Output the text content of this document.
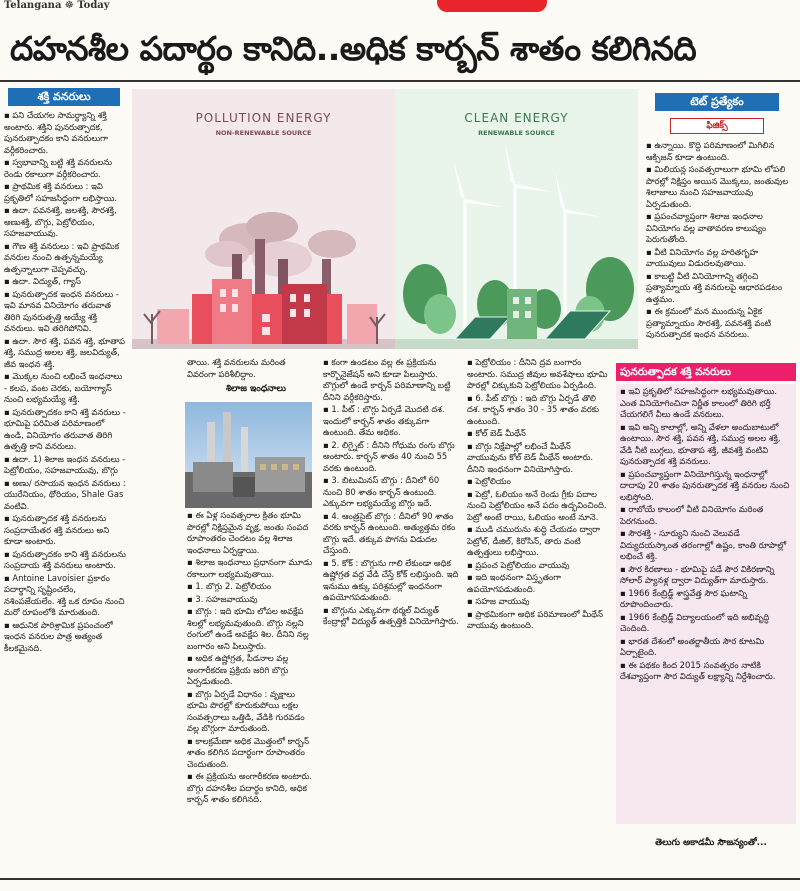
Telangana ☸ Today
దహనశీల పదార్థం కానిది..అధిక కార్బన్ శాతం కలిగినది
శక్తి వనరులు

▪ పని చేయగల సామర్థ్యాన్ని శక్తి అంటారు. శక్తిని పునరుత్పాదక, పునరుత్పాదకం కాని వనరులుగా వర్గీకరించారు.

▪ స్వభావాన్ని బట్టి శక్తి వనరులను రెండు రకాలుగా వర్గీకరించారు.

▪ ప్రాథమిక శక్తి వనరులు : ఇవి ప్రకృతిలో సహజసిద్ధంగా లభిస్తాయి.

▪ ఉదా. పవనశక్తి, జలశక్తి, సౌరశక్తి, అణుశక్తి, బొగ్గు, పెట్రోలియం, సహజవాయువు.

▪ గౌణ శక్తి వనరులు : ఇవి ప్రాథమిక వనరుల నుంచి ఉత్పన్నమయ్యే ఉత్పన్నాలుగా చెప్పవచ్చు.

▪ ఉదా. విద్యుత్, గ్యాస్

▪ పునరుత్పాదక ఇంధన వనరులు - ఇవి మానవ వినియోగం తరువాత తిరిగి పునరుత్పత్తి అయ్యే శక్తి వనరులు. ఇవి తరిగిపోనివి.

▪ ఉదా. సౌర శక్తి, పవన శక్తి, భూతాప శక్తి, సముద్ర అలల శక్తి, జలవిద్యుత్, జీవ ఇంధన శక్తి.

▪ మొక్కల నుంచి లభించే ఇంధనాలు - కలప, వంట చెరకు, బయోగ్యాస్ నుంచి లభ్యమయ్యే శక్తి.

▪ పునరుత్పాదకం కాని శక్తి వనరులు - భూమిపై పరిమిత పరిమాణంలో ఉండి, వినియోగం తరువాత తిరిగి ఉత్పత్తి కాని వనరులు.

▪ ఉదా. 1) శిలాజ ఇంధన వనరులు - పెట్రోలియం, సహజవాయువు, బొగ్గు

▪ అణు/ రసాయన ఇంధన వనరులు : యురేనియం, థోరియం, Shale Gas వంటివి.

▪ పునరుత్పాదక శక్తి వనరులను సంప్రదాయేతర శక్తి వనరులు అని కూడా అంటారు.

▪ పునరుత్పాదకం కాని శక్తి వనరులను సంప్రదాయ శక్తి వనరులు అంటారు.

▪ Antoine Lavoisier ప్రకారం పదార్థాన్ని సృష్టించలేం, నశింపజేయలేం. శక్తి ఒక రూపం నుంచి మరో రూపంలోకి మారుతుంది.

▪ ఆధునిక పారిశ్రామిక ప్రపంచంలో ఇంధన వనరుల పాత్ర అత్యంత కీలకమైనది.

POLLUTION ENERGY
NON-RENEWABLE SOURCE
CLEAN ENERGY
RENEWABLE SOURCE
తాయి. శక్తి వనరులను మరింత వివరంగా పరిశీలిద్దాం.
శిలాజ ఇంధనాలు

▪ ఈ ఏళ్ల సంవత్సరాల క్రితం భూమి పొరల్లో నిక్షిప్తమైన వృక్ష, జంతు సంపద రూపాంతరం చెందటం వల్ల శిలాజ ఇంధనాలు ఏర్పడ్డాయి.

▪ శిలాజ ఇంధనాలు ప్రధానంగా మూడు రకాలుగా లభ్యమవుతాయి.

▪ 1. బొగ్గు 2. పెట్రోలియం

▪ 3. సహజవాయువు

▪ బొగ్గు : ఇది భూమి లోపల అవక్షేప శిలల్లో లభ్యమవుతుంది. బొగ్గు నల్లని రంగులో ఉండే అవక్షేప శిల. దీనిని నల్ల బంగారం అని పిలుస్తారు.

▪ అధిక ఉష్ణోగ్రత, పీడనాల వల్ల అంగారీకరణ ప్రక్రియ జరిగి బొగ్గు ఏర్పడుతుంది.

▪ బొగ్గు ఏర్పడే విధానం : వృక్షాలు భూమి పొరల్లో కూరుకుపోయి లక్షల సంవత్సరాలు ఒత్తిడి, వేడికి గురవడం వల్ల బొగ్గుగా మారుతుంది.

▪ కాలక్రమేణా అధిక మొత్తంలో కార్బన్ శాతం కలిగిన పదార్థంగా రూపాంతరం చెందుతుంది.

▪ ఈ ప్రక్రియను అంగారీకరణ అంటారు. బొగ్గు దహనశీల పదార్థం కానిది, అధిక కార్బన్ శాతం కలిగినది.

▪ కంగా ఉండటం వల్ల ఈ ప్రక్రియను కార్బొనైజేషన్ అని కూడా పిలుస్తారు. బొగ్గులో ఉండే కార్బన్ పరిమాణాన్ని బట్టి దీనిని వర్గీకరిస్తారు.

▪ 1. పీట్ : బొగ్గు ఏర్పడే మొదటి దశ. ఇందులో కార్బన్ శాతం తక్కువగా ఉంటుంది. తేమ అధికం.

▪ 2. లిగ్నైట్ : దీనిని గోధుమ రంగు బొగ్గు అంటారు. కార్బన్ శాతం 40 నుంచి 55 వరకు ఉంటుంది.

▪ 3. బిటుమినస్ బొగ్గు : దీనిలో 60 నుంచి 80 శాతం కార్బన్ ఉంటుంది. ఎక్కువగా లభ్యమయ్యే బొగ్గు ఇదే.

▪ 4. ఆంత్రసైట్ బొగ్గు : దీనిలో 90 శాతం వరకు కార్బన్ ఉంటుంది. అత్యుత్తమ రకం బొగ్గు ఇదే. తక్కువ పొగను విడుదల చేస్తుంది.

▪ 5. కోక్ : బొగ్గును గాలి లేకుండా అధిక ఉష్ణోగ్రత వద్ద వేడి చేస్తే కోక్ లభిస్తుంది. ఇది ఇనుము ఉక్కు పరిశ్రమల్లో ఇంధనంగా ఉపయోగపడుతుంది.

▪ బొగ్గును ఎక్కువగా థర్మల్ విద్యుత్ కేంద్రాల్లో విద్యుత్ ఉత్పత్తికి వినియోగిస్తారు.

▪ పెట్రోలియం : దీనిని ద్రవ బంగారం అంటారు. సముద్ర జీవుల అవశేషాలు భూమి పొరల్లో చిక్కుకుని పెట్రోలియం ఏర్పడింది.

▪ 6. పీట్ బొగ్గు : ఇది బొగ్గు ఏర్పడే తొలి దశ. కార్బన్ శాతం 30 - 35 శాతం వరకు ఉంటుంది.

▪ కోల్ బెడ్ మీథేన్

▪ బొగ్గు నిక్షేపాల్లో లభించే మీథేన్ వాయువును కోల్ బెడ్ మీథేన్ అంటారు. దీనిని ఇంధనంగా వినియోగిస్తారు.

▪ పెట్రోలియం

▪ పెట్రో, ఓలియం అనే రెండు గ్రీకు పదాల నుంచి పెట్రోలియం అనే పదం ఉద్భవించింది. పెట్రో అంటే రాయి, ఓలియం అంటే నూనె.

▪ ముడి చమురును శుద్ధి చేయడం ద్వారా పెట్రోల్, డీజిల్, కిరోసిన్, తారు వంటి ఉత్పత్తులు లభిస్తాయి.

▪ ప్రపంచ పెట్రోలియం వాయువు

▪ ఇది ఇంధనంగా విస్తృతంగా ఉపయోగపడుతుంది.

▪ సహజ వాయువు

▪ ప్రాథమికంగా అధిక పరిమాణంలో మీథేన్ వాయువు ఉంటుంది.

టెట్ ప్రత్యేకం
ఫిజిక్స్

▪ ఉన్నాయి. కొద్ది పరిమాణంలో మిగిలిన ఆక్సిజన్ కూడా ఉంటుంది.

▪ మిలియన్ల సంవత్సరాలుగా భూమి లోపలి పొరల్లో నిక్షిప్తం అయిన మొక్కలు, జంతువుల శిలాజాలు నుంచి సహజవాయువు ఏర్పడుతుంది.

▪ ప్రపంచవ్యాప్తంగా శిలాజ ఇంధనాల వినియోగం వల్ల వాతావరణ కాలుష్యం పెరుగుతోంది.

▪ వీటి వినియోగం వల్ల హరితగృహ వాయువులు విడుదలవుతాయి.

▪ కాబట్టి వీటి వినియోగాన్ని తగ్గించి ప్రత్యామ్నాయ శక్తి వనరులపై ఆధారపడటం ఉత్తమం.

▪ ఈ క్రమంలో మన ముందున్న ఏకైక ప్రత్యామ్నాయం సౌరశక్తి, పవనశక్తి వంటి పునరుత్పాదక ఇంధన వనరులు.

పునరుత్పాదక శక్తి వనరులు

▪ ఇవి ప్రకృతిలో సహజసిద్ధంగా లభ్యమవుతాయి. ఎంత వినియోగించినా నిర్ణీత కాలంలో తిరిగి భర్తీ చేయగలిగే వీలు ఉండే వనరులు.

▪ ఇవి అన్ని కాలాల్లో, అన్ని వేళలా అందుబాటులో ఉంటాయి. సౌర శక్తి, పవన శక్తి, సముద్ర అలల శక్తి, వేడి నీటి బుగ్గలు, భూతాప శక్తి, జీవశక్తి వంటివి పునరుత్పాదక శక్తి వనరులు.

▪ ప్రపంచవ్యాప్తంగా వినియోగిస్తున్న ఇంధనాల్లో దాదాపు 20 శాతం పునరుత్పాదక శక్తి వనరుల నుంచి లభిస్తోంది.

▪ రాబోయే కాలంలో వీటి వినియోగం మరింత పెరగనుంది.

▪ సౌరశక్తి - సూర్యుని నుంచి వెలువడే విద్యుదయస్కాంత తరంగాల్లో ఉష్ణం, కాంతి రూపాల్లో లభించే శక్తి.

▪ సౌర కిరణాలు - భూమిపై పడే సౌర వికిరణాన్ని సోలార్ ప్యానళ్ల ద్వారా విద్యుత్‌గా మారుస్తారు.

▪ 1966 కేంబ్రిడ్జ్ శాస్త్రవేత్త సౌర ఘటాన్ని రూపొందించారు.

▪ 1966 కేంబ్రిడ్జ్ విద్యాలయంలో ఇది అభివృద్ధి చెందింది.

▪ భారత దేశంలో అంతర్జాతీయ సౌర కూటమి ఏర్పాటైంది.

▪ ఈ పథకం కింద 2015 సంవత్సరం నాటికి దేశవ్యాప్తంగా సౌర విద్యుత్ లక్ష్యాన్ని నిర్దేశించారు.

తెలుగు అకాడమీ సౌజన్యంతో...
